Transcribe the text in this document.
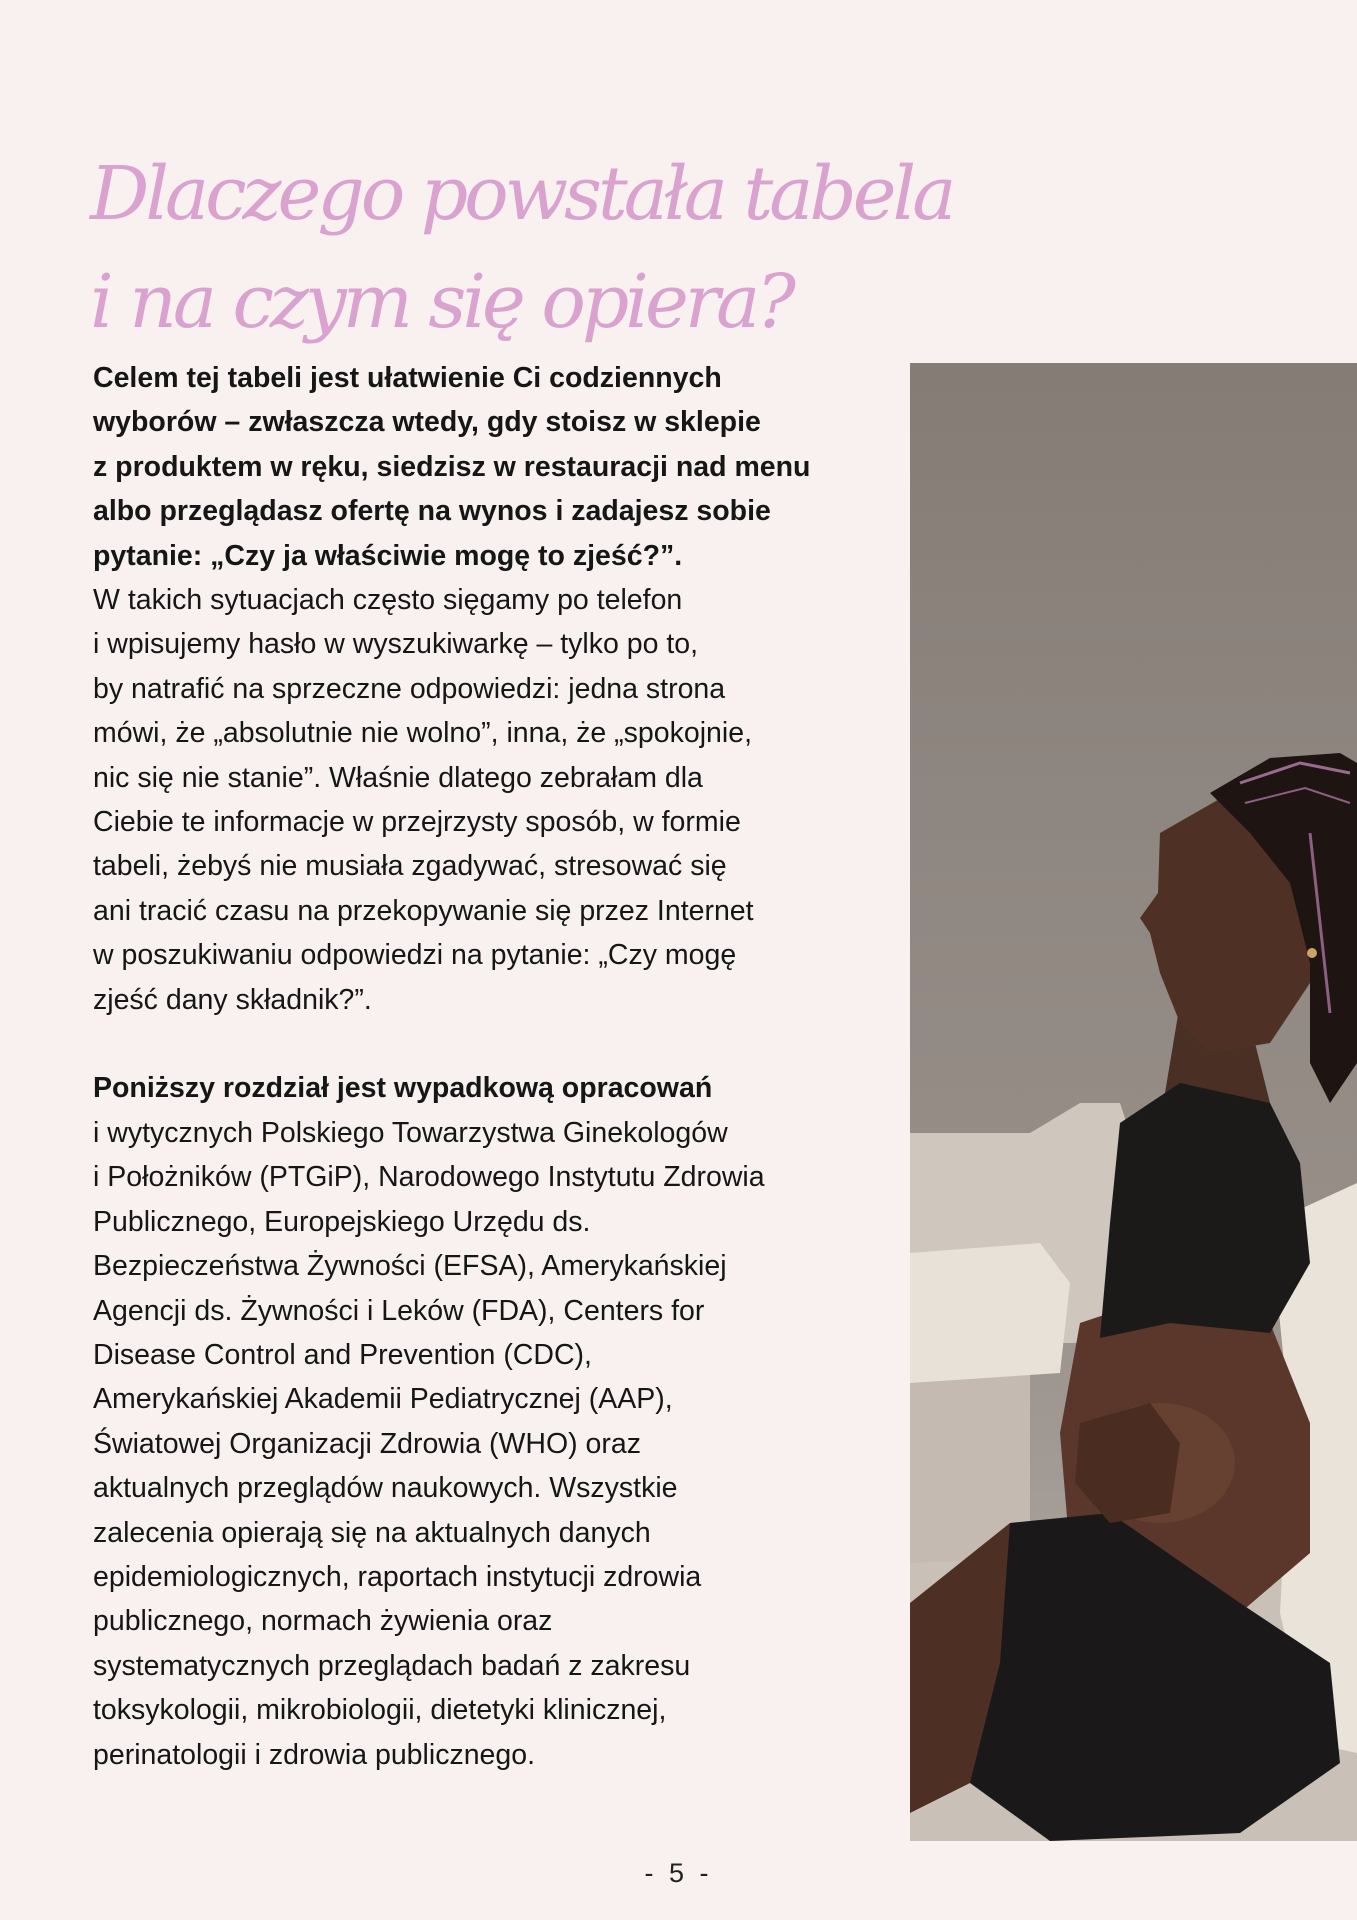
Dlaczego powstała tabela
i na czym się opiera?
Celem tej tabeli jest ułatwienie Ci codziennych
wyborów – zwłaszcza wtedy, gdy stoisz w sklepie
z produktem w ręku, siedzisz w restauracji nad menu
albo przeglądasz ofertę na wynos i zadajesz sobie
pytanie: „Czy ja właściwie mogę to zjeść?”.
W takich sytuacjach często sięgamy po telefon
i wpisujemy hasło w wyszukiwarkę – tylko po to,
by natrafić na sprzeczne odpowiedzi: jedna strona
mówi, że „absolutnie nie wolno”, inna, że „spokojnie,
nic się nie stanie”. Właśnie dlatego zebrałam dla
Ciebie te informacje w przejrzysty sposób, w formie
tabeli, żebyś nie musiała zgadywać, stresować się
ani tracić czasu na przekopywanie się przez Internet
w poszukiwaniu odpowiedzi na pytanie: „Czy mogę
zjeść dany składnik?”.
Poniższy rozdział jest wypadkową opracowań
i wytycznych Polskiego Towarzystwa Ginekologów
i Położników (PTGiP), Narodowego Instytutu Zdrowia
Publicznego, Europejskiego Urzędu ds.
Bezpieczeństwa Żywności (EFSA), Amerykańskiej
Agencji ds. Żywności i Leków (FDA), Centers for
Disease Control and Prevention (CDC),
Amerykańskiej Akademii Pediatrycznej (AAP),
Światowej Organizacji Zdrowia (WHO) oraz
aktualnych przeglądów naukowych. Wszystkie
zalecenia opierają się na aktualnych danych
epidemiologicznych, raportach instytucji zdrowia
publicznego, normach żywienia oraz
systematycznych przeglądach badań z zakresu
toksykologii, mikrobiologii, dietetyki klinicznej,
perinatologii i zdrowia publicznego.
- 5 -
